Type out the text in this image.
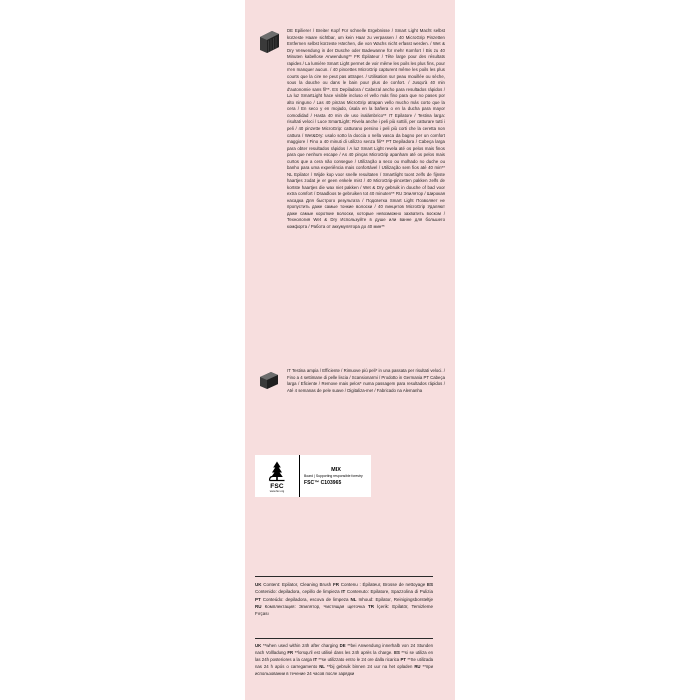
DE Epilierer / Breiter Kopf Für schnelle Ergebnisse / Smart Light Macht selbst kürzeste Haare sichtbar, um kein Haar zu verpassen / 40 MicroGrip Pinzetten Entfernen selbst kürzeste Härchen, die von Wachs nicht erfasst werden. / Wet & Dry Verwendung in der Dusche oder Badewanne für mehr Komfort / Bis zu 40 Minuten kabellose Anwendung** FR Épilateur / Tête large pour des résultats rapides / La lumière Smart Light permet de voir même les poils les plus fins, pour n'en manquer aucun. / 40 pincettes MicroGrip capturent même les poils les plus courts que la cire ne peut pas attraper. / Utilisation sur peau mouillée ou sèche, sous la douche ou dans le bain pour plus de confort. / Jusqu'à 40 min d'autonomie sans fil**. ES Depiladora / Cabezal ancho para resultados rápidos / La luz SmartLight hace visible incluso el vello más fino para que no pases por alto ninguno / Las 40 pinzas MicroGrip atrapan vello mucho más corto que la cera / En seco y en mojado, úsala en la bañera o en la ducha para mayor comodidad / Hasta 40 min de uso inalámbrico** IT Epilatore / Testina larga: risultati veloci / Luce SmartLight: Rivela anche i peli più sottili, per catturare tutti i peli / 40 pinzette MicroGrip: catturano persino i peli più corti che la ceretta non cattura / Wet&Dry: usalo sotto la doccia o nella vasca da bagno per un comfort maggiore / Fino a 40 minuti di utilizzo senza fili** PT Depiladora / Cabeça larga para obter resultados rápidos / A luz Smart Light revela até os pelos mais finos para que nenhum escape / As 40 pinças MicroGrip apanham até os pelos mais curtos que a cera não consegue / Utilização a seco ou molhado no duche ou banho para uma experiência mais confortável / Utilização sem fios até 40 min** NL Epilator / Wijde kop voor snelle resultaten / Smartlight toont zelfs de fijnste haartjes zodat je er geen enkele mist / 40 MicroGrip-pincetten pakken zelfs de kortste haartjes die wax niet pakken / Wet & Dry gebruik in douche of bad voor extra comfort / Draadloos te gebruiken tot 40 minuten** RU Эпилятор / Широкая насадка Для быстрого результата / Подсветка Smart Light Позволяет не пропустить даже самые тонкие волоски / 40 пинцетов MicroGrip Удаляют даже самые короткие волоски, которые невозможно захватить воском / Технология Wet & Dry Используйте в душе или ванне для большего комфорта / Работа от аккумулятора до 40 мин**
IT Testina ampia / Efficiente / Rimuove più peli* in una passata per risultati veloci. / Fino a 4 settimane di pelle liscia / Scansionarmi / Prodotto in Germania PT Cabeça larga / Eficiente / Remove mais pelos* numa passagem para resultados rápidos / Até 4 semanas de pele suave / Digitaliza-me! / Fabricado na Alemanha
FSC
www.fsc.org
MIX
Board | Supporting responsible forestry
FSC™ C103965
UK Content: Epilator, Cleaning Brush FR Contenu : Épilateur, Brosse de nettoyage ES Contenido: depiladora, cepillo de limpieza IT Contenuto: Epilatore, Spazzolina di Pulizia PT Conteúdo: depiladora, escova de limpeza NL Inhoud: Epilator, Reinigingsborsteltje RU Комплектация: Эпилятор, Чистящая щеточка TR İçerik: Epilatör, Temizleme Fırçası
UK **when used within 24h after charging DE **bei Anwendung innerhalb von 24 Stunden nach Vollladung FR **lorsqu'il est utilisé dans les 24h après la charge. ES **si se utiliza en las 24h posteriores a la carga IT **se utilizzato entro le 24 ore dalla ricarica PT **Se utilizada nas 24 h após o carregamento NL **bij gebruik binnen 24 uur na het opladen RU **при использовании в течение 24 часов после зарядки
